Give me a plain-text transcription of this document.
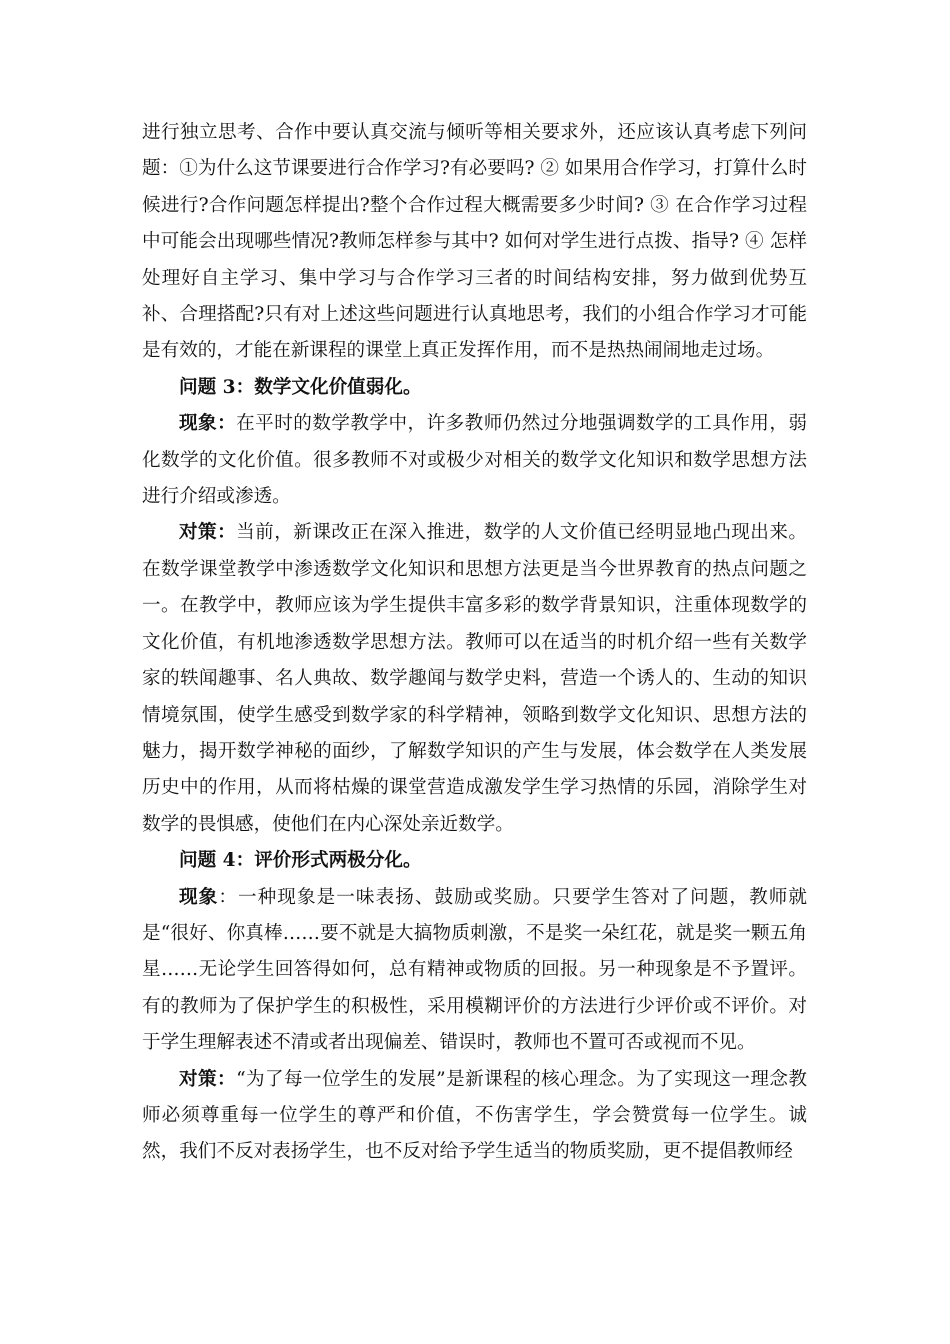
进行独立思考、合作中要认真交流与倾听等相关要求外，还应该认真考虑下列问题：①为什么这节课要进行合作学习?有必要吗? ② 如果用合作学习，打算什么时候进行?合作问题怎样提出?整个合作过程大概需要多少时间? ③ 在合作学习过程中可能会出现哪些情况?教师怎样参与其中? 如何对学生进行点拨、指导? ④ 怎样处理好自主学习、集中学习与合作学习三者的时间结构安排，努力做到优势互补、合理搭配?只有对上述这些问题进行认真地思考，我们的小组合作学习才可能是有效的，才能在新课程的课堂上真正发挥作用，而不是热热闹闹地走过场。

问题 3：数学文化价值弱化。

现象：在平时的数学教学中，许多教师仍然过分地强调数学的工具作用，弱化数学的文化价值。很多教师不对或极少对相关的数学文化知识和数学思想方法进行介绍或渗透。

对策：当前，新课改正在深入推进，数学的人文价值已经明显地凸现出来。在数学课堂教学中渗透数学文化知识和思想方法更是当今世界教育的热点问题之一。在教学中，教师应该为学生提供丰富多彩的数学背景知识，注重体现数学的文化价值，有机地渗透数学思想方法。教师可以在适当的时机介绍一些有关数学家的轶闻趣事、名人典故、数学趣闻与数学史料，营造一个诱人的、生动的知识情境氛围，使学生感受到数学家的科学精神，领略到数学文化知识、思想方法的魅力，揭开数学神秘的面纱，了解数学知识的产生与发展，体会数学在人类发展历史中的作用，从而将枯燥的课堂营造成激发学生学习热情的乐园，消除学生对数学的畏惧感，使他们在内心深处亲近数学。

问题 4：评价形式两极分化。

现象：一种现象是一味表扬、鼓励或奖励。只要学生答对了问题，教师就是“很好、你真棒……要不就是大搞物质刺激，不是奖一朵红花，就是奖一颗五角星……无论学生回答得如何，总有精神或物质的回报。另一种现象是不予置评。有的教师为了保护学生的积极性，采用模糊评价的方法进行少评价或不评价。对于学生理解表述不清或者出现偏差、错误时，教师也不置可否或视而不见。

对策：“为了每一位学生的发展”是新课程的核心理念。为了实现这一理念教师必须尊重每一位学生的尊严和价值，不伤害学生，学会赞赏每一位学生。诚然，我们不反对表扬学生，也不反对给予学生适当的物质奖励，更不提倡教师经
